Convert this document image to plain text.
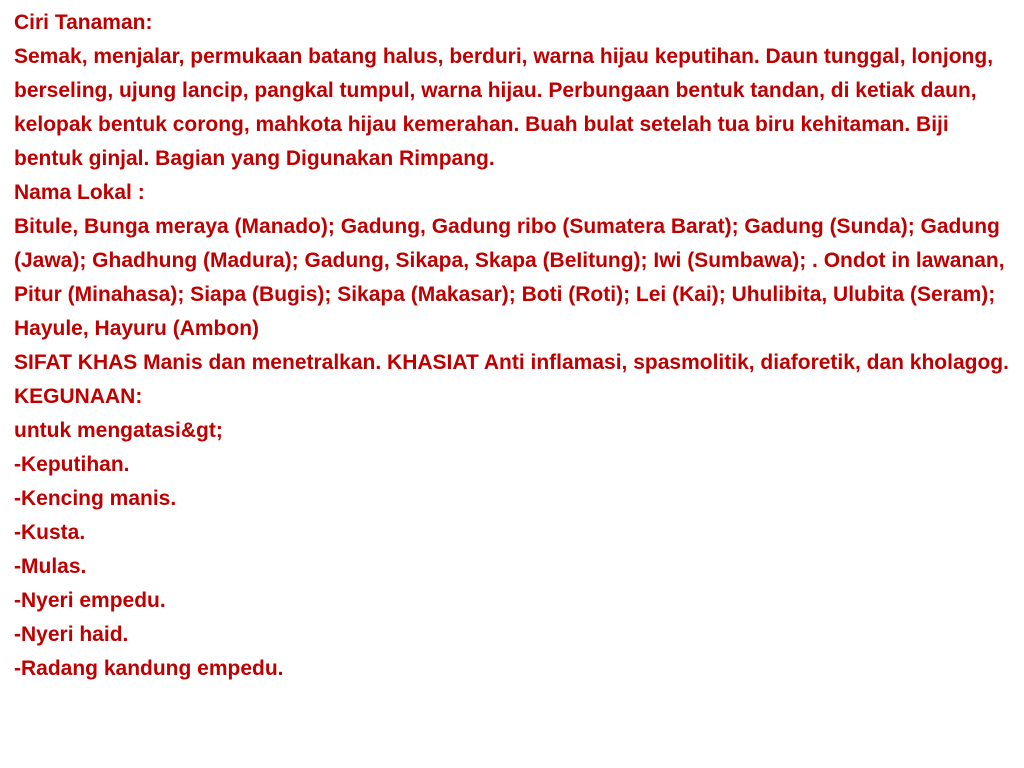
Ciri Tanaman:
Semak, menjalar, permukaan batang halus, berduri, warna hijau keputihan. Daun tunggal, lonjong, berseling, ujung lancip, pangkal tumpul, warna hijau. Perbungaan bentuk tandan, di ketiak daun, kelopak bentuk corong, mahkota hijau kemerahan. Buah bulat setelah tua biru kehitaman. Biji bentuk ginjal. Bagian yang Digunakan Rimpang.
Nama Lokal :
Bitule, Bunga meraya (Manado); Gadung, Gadung ribo (Sumatera Barat); Gadung (Sunda); Gadung (Jawa); Ghadhung (Madura); Gadung, Sikapa, Skapa (BeIitung); Iwi (Sumbawa); . Ondot in lawanan, Pitur (Minahasa); Siapa (Bugis); Sikapa (Makasar); Boti (Roti); Lei (Kai); Uhulibita, Ulubita (Seram); Hayule, Hayuru (Ambon)
SIFAT KHAS Manis dan menetralkan. KHASIAT Anti inflamasi, spasmolitik, diaforetik, dan kholagog.
KEGUNAAN:
untuk mengatasi&gt;
-Keputihan.
-Kencing manis.
-Kusta.
-Mulas.
-Nyeri empedu.
-Nyeri haid.
-Radang kandung empedu.
